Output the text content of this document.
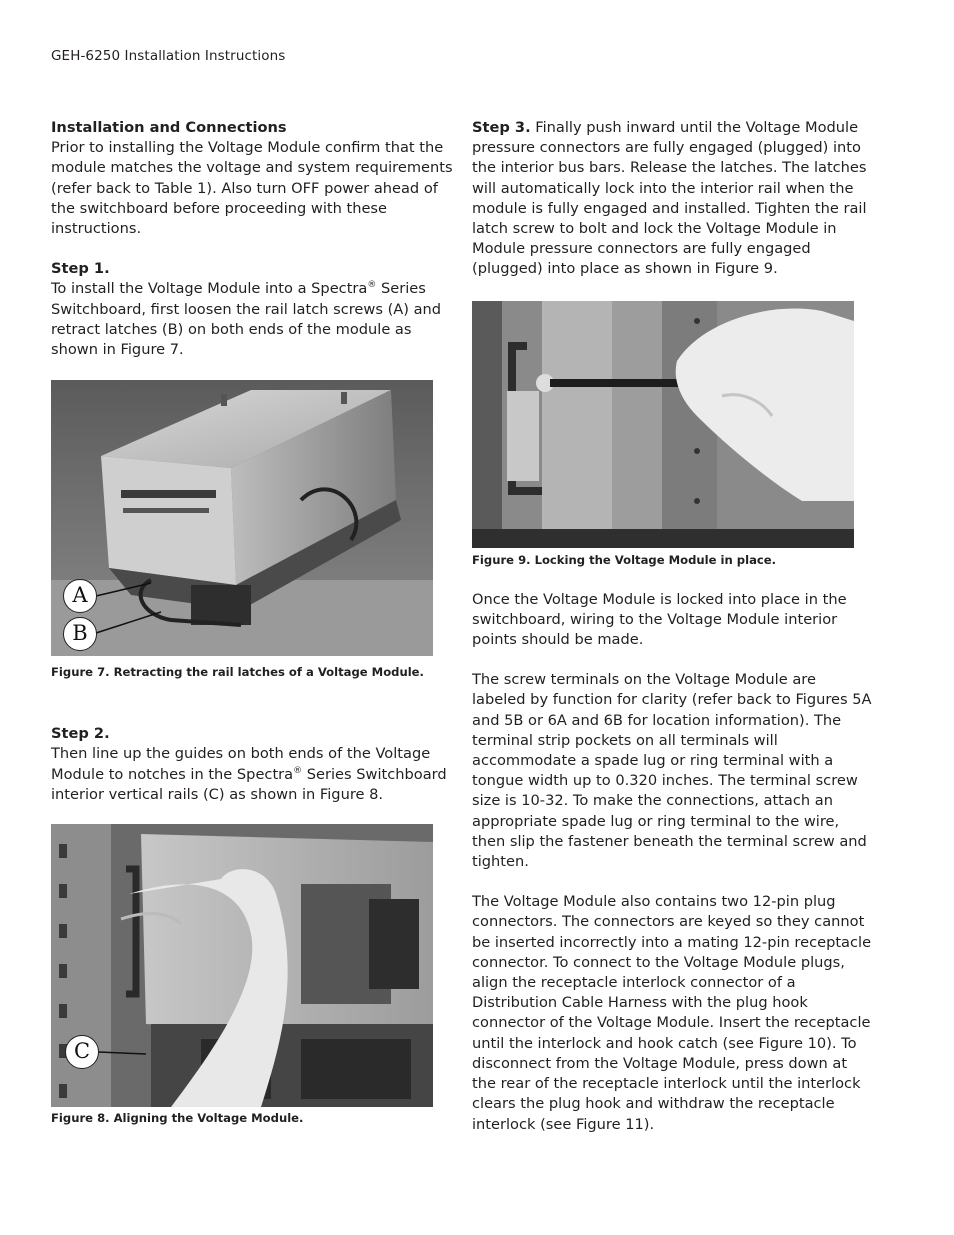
GEH-6250 Installation Instructions

Installation and Connections

Prior to installing the Voltage Module confirm that the module matches the voltage and system requirements (refer back to Table 1). Also turn OFF power ahead of the switchboard before proceeding with these instructions.

Step 1.

To install the Voltage Module into a Spectra® Series Switchboard, first loosen the rail latch screws (A) and retract latches (B) on both ends of the module as shown in Figure 7.

A
B

Figure 7. Retracting the rail latches of a Voltage Module.

Step 2.

Then line up the guides on both ends of the Voltage Module to notches in the Spectra® Series Switchboard interior vertical rails (C) as shown in Figure 8.

C

Figure 8. Aligning the Voltage Module.

Step 3. Finally push inward until the Voltage Module pressure connectors are fully engaged (plugged) into the interior bus bars. Release the latches. The latches will automatically lock into the interior rail when the module is fully engaged and installed. Tighten the rail latch screw to bolt and lock the Voltage Module in Module pressure connectors are fully engaged (plugged) into place as shown in Figure 9.

Figure 9. Locking the Voltage Module in place.

Once the Voltage Module is locked into place in the switchboard, wiring to the Voltage Module interior points should be made.

The screw terminals on the Voltage Module are labeled by function for clarity (refer back to Figures 5A and 5B or 6A and 6B for location information). The terminal strip pockets on all terminals will accommodate a spade lug or ring terminal with a tongue width up to 0.320 inches. The terminal screw size is 10-32. To make the connections, attach an appropriate spade lug or ring terminal to the wire, then slip the fastener beneath the terminal screw and tighten.

The Voltage Module also contains two 12-pin plug connectors. The connectors are keyed so they cannot be inserted incorrectly into a mating 12-pin receptacle connector. To connect to the Voltage Module plugs, align the receptacle interlock connector of a Distribution Cable Harness with the plug hook connector of the Voltage Module. Insert the receptacle until the interlock and hook catch (see Figure 10). To disconnect from the Voltage Module, press down at the rear of the receptacle interlock until the interlock clears the plug hook and withdraw the receptacle interlock (see Figure 11).
